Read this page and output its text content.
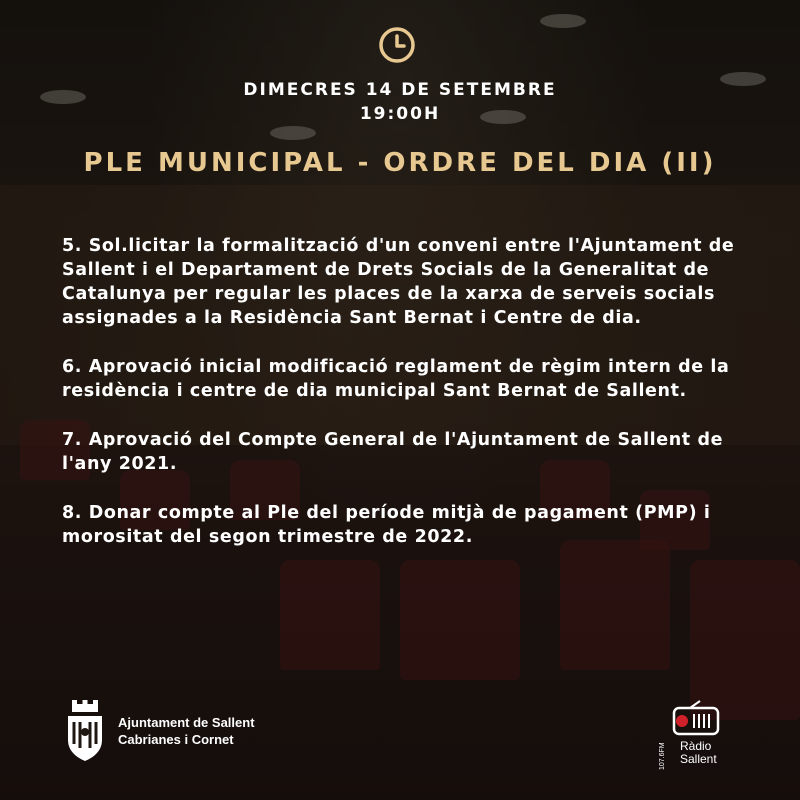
DIMECRES 14 DE SETEMBRE
19:00H
PLE MUNICIPAL - ORDRE DEL DIA (II)

5. Sol.licitar la formalització d'un conveni entre l'Ajuntament de Sallent i el Departament de Drets Socials de la Generalitat de Catalunya per regular les places de la xarxa de serveis socials assignades a la Residència Sant Bernat i Centre de dia.

6. Aprovació inicial modificació reglament de règim intern de la residència i centre de dia municipal Sant Bernat de Sallent.

7. Aprovació del Compte General de l'Ajuntament de Sallent de l'any 2021.

8. Donar compte al Ple del període mitjà de pagament (PMP) i morositat del segon trimestre de 2022.

Ajuntament de Sallent
Cabrianes i Cornet	Ràdio
Sallent
107.6FM
